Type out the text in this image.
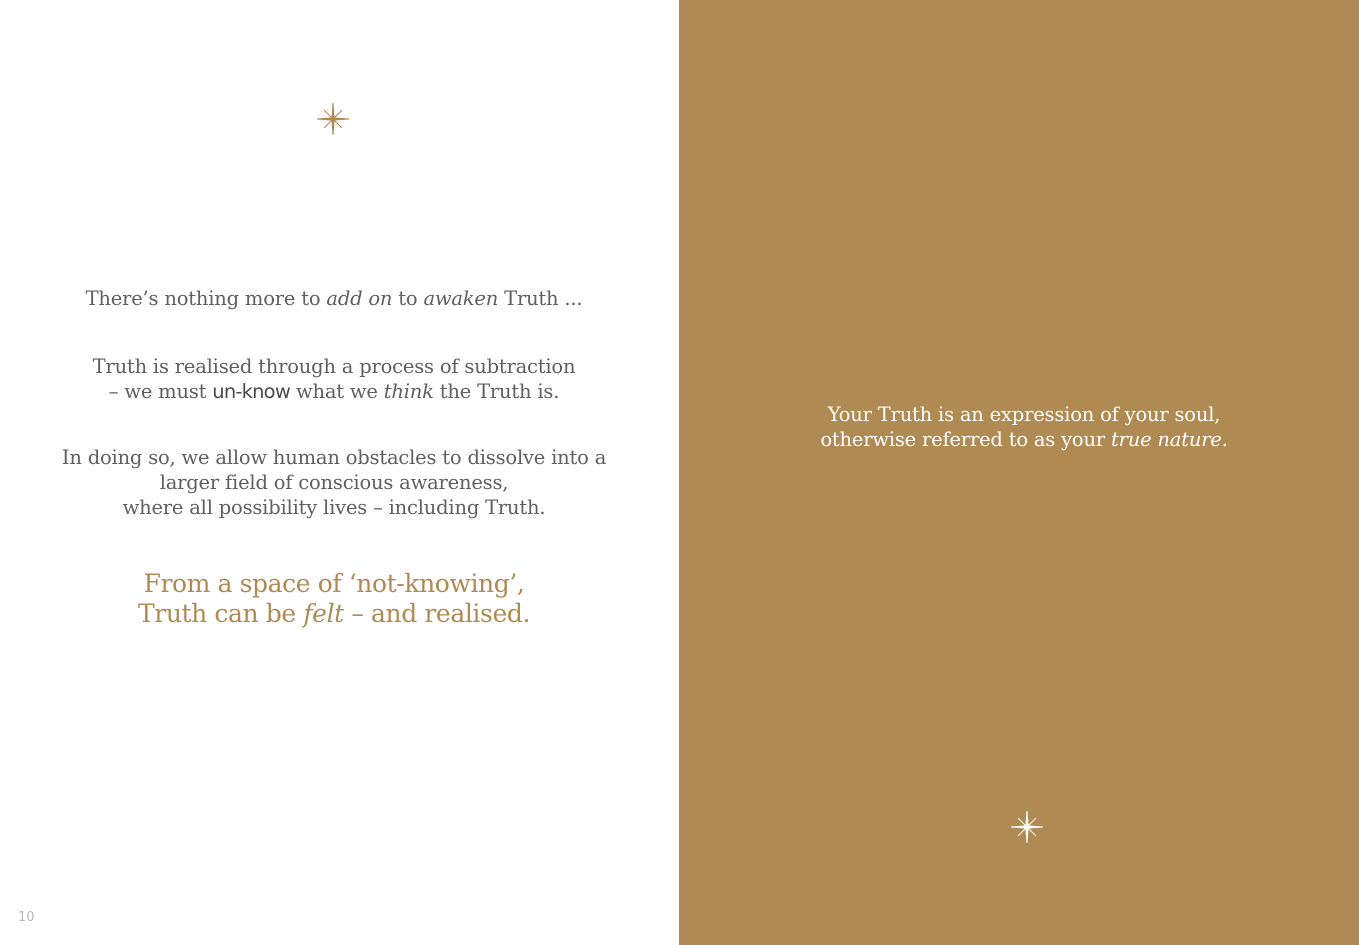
There’s nothing more to add on to awaken Truth ...
Truth is realised through a process of subtraction
– we must un-know what we think the Truth is.
In doing so, we allow human obstacles to dissolve into a
larger field of conscious awareness,
where all possibility lives – including Truth.
From a space of ‘not-knowing’,
Truth can be felt – and realised.
10
Your Truth is an expression of your soul,
otherwise referred to as your true nature.
